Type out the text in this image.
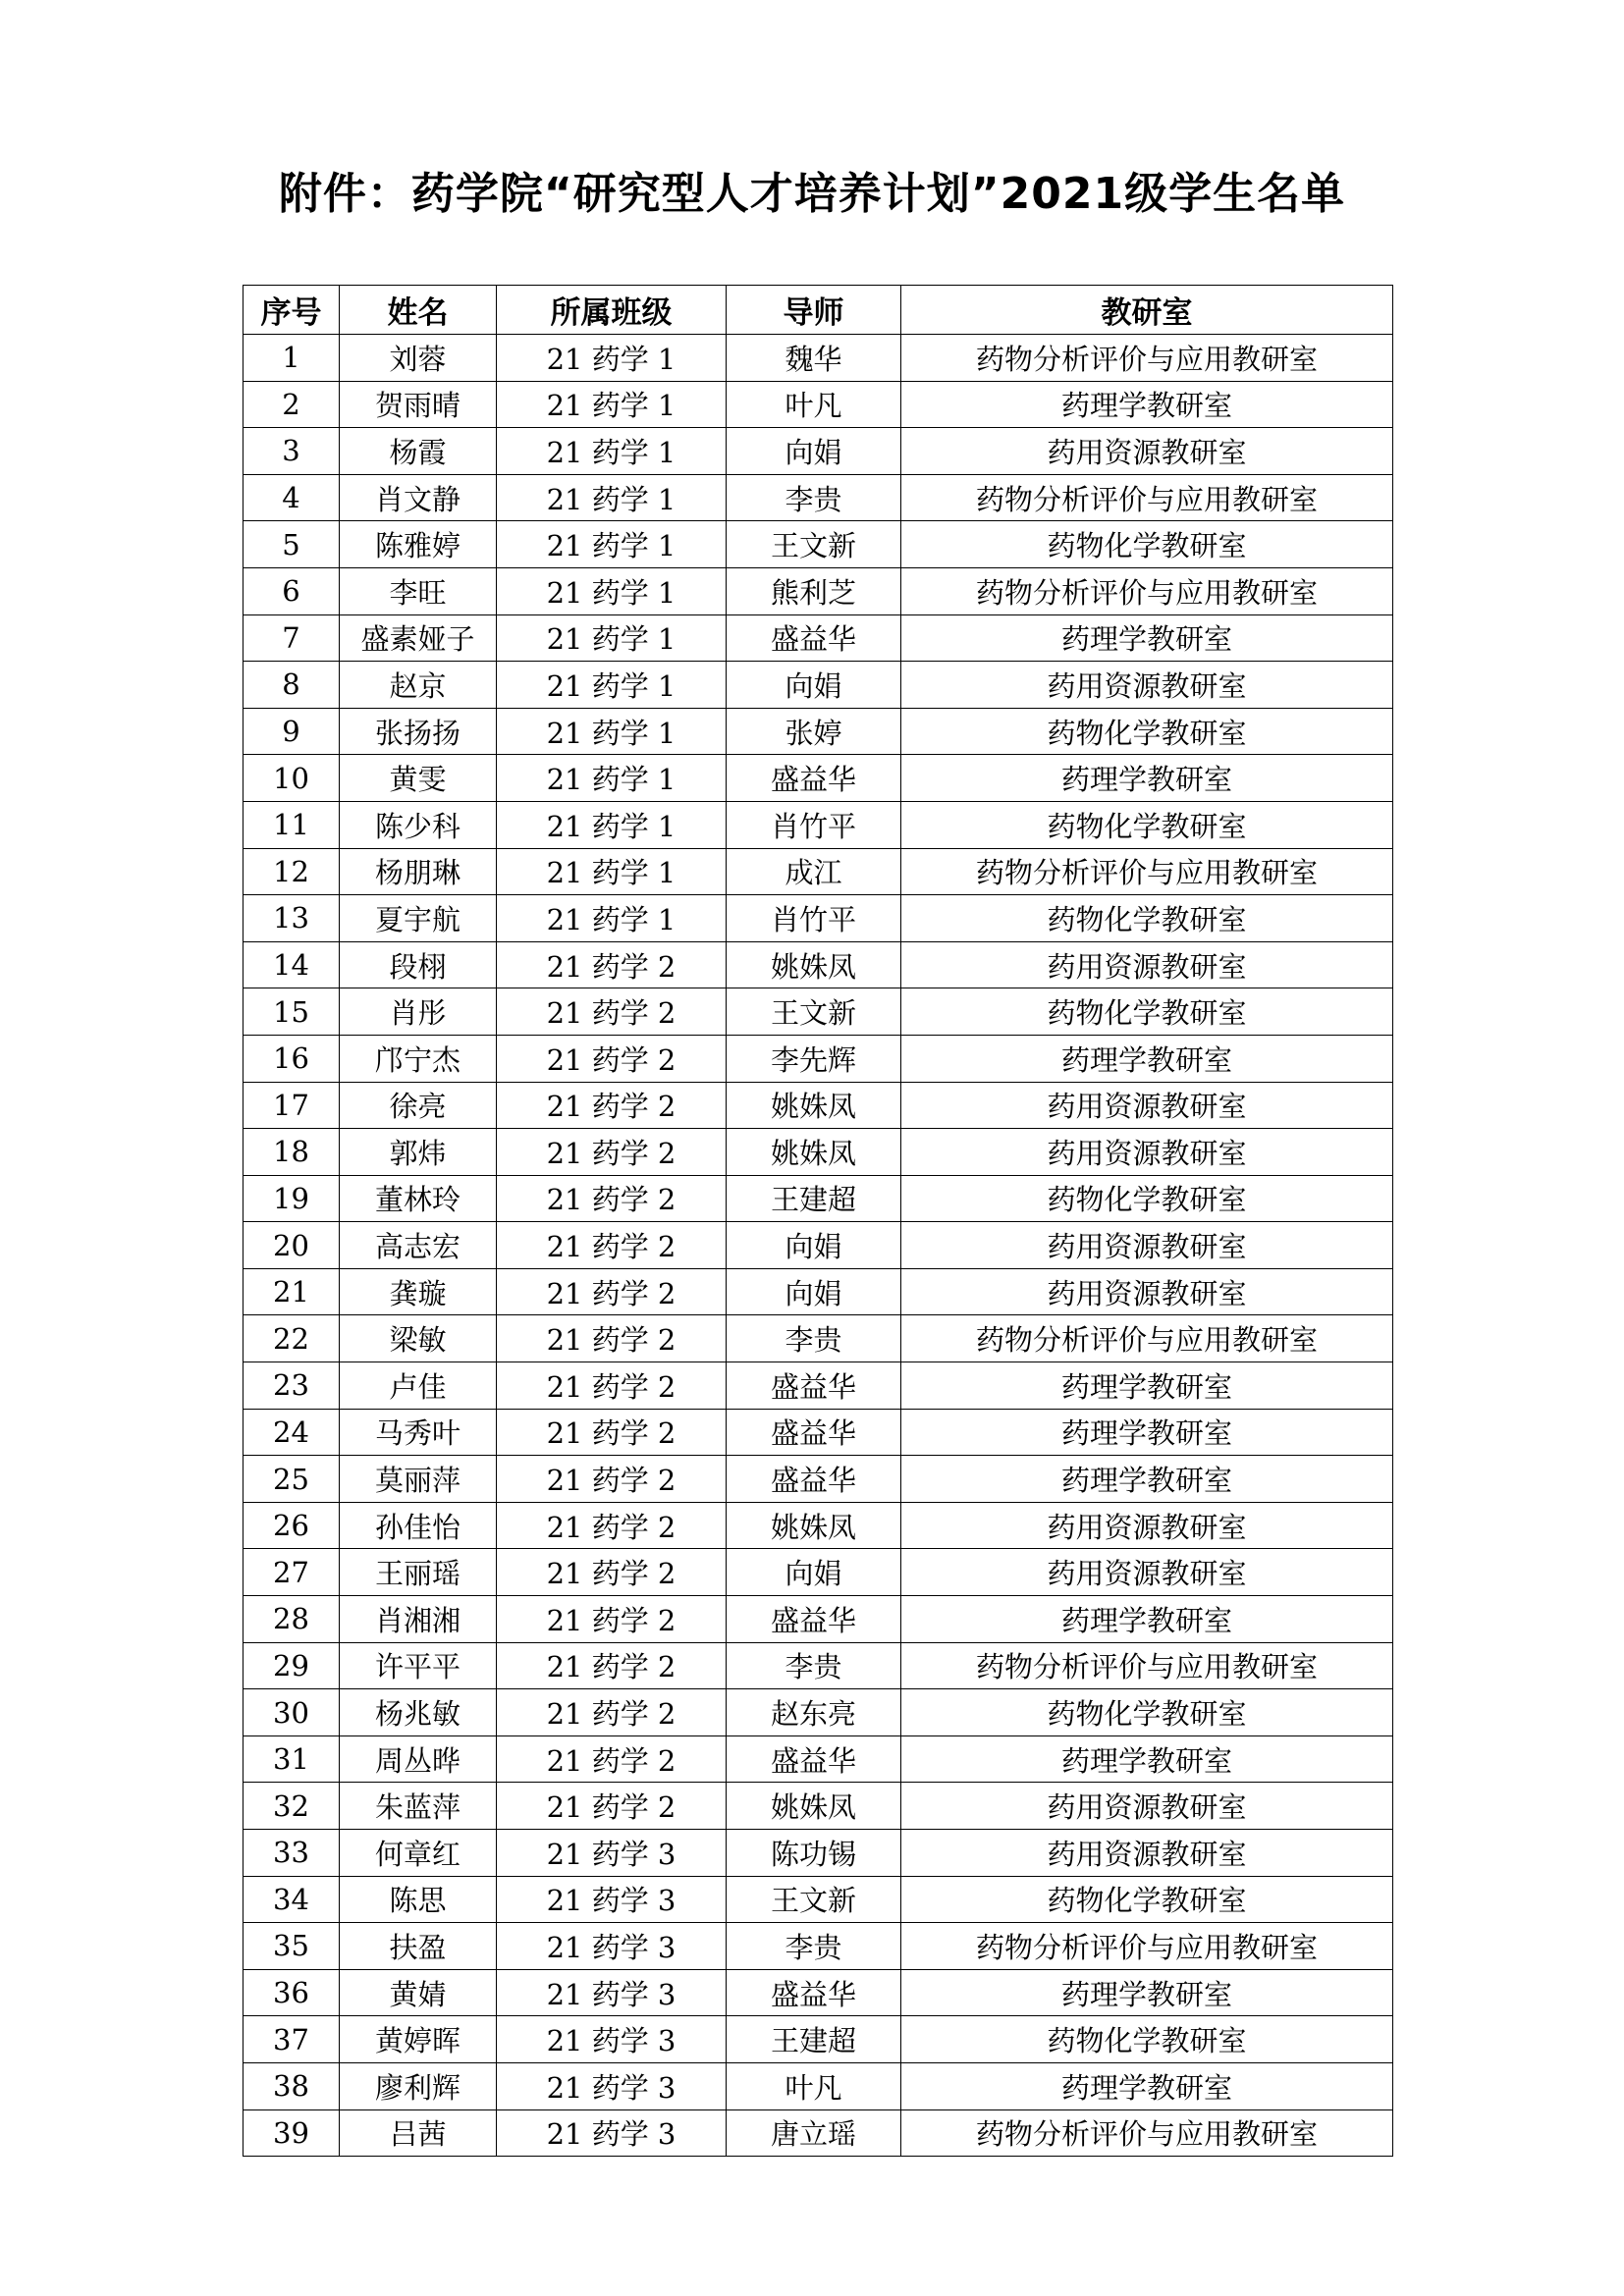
附件：药学院“研究型人才培养计划”2021级学生名单
序号	姓名	所属班级	导师	教研室
1	刘蓉	21 药学 1	魏华	药物分析评价与应用教研室
2	贺雨晴	21 药学 1	叶凡	药理学教研室
3	杨霞	21 药学 1	向娟	药用资源教研室
4	肖文静	21 药学 1	李贵	药物分析评价与应用教研室
5	陈雅婷	21 药学 1	王文新	药物化学教研室
6	李旺	21 药学 1	熊利芝	药物分析评价与应用教研室
7	盛素娅子	21 药学 1	盛益华	药理学教研室
8	赵京	21 药学 1	向娟	药用资源教研室
9	张扬扬	21 药学 1	张婷	药物化学教研室
10	黄雯	21 药学 1	盛益华	药理学教研室
11	陈少科	21 药学 1	肖竹平	药物化学教研室
12	杨朋琳	21 药学 1	成江	药物分析评价与应用教研室
13	夏宇航	21 药学 1	肖竹平	药物化学教研室
14	段栩	21 药学 2	姚姝凤	药用资源教研室
15	肖彤	21 药学 2	王文新	药物化学教研室
16	邝宁杰	21 药学 2	李先辉	药理学教研室
17	徐亮	21 药学 2	姚姝凤	药用资源教研室
18	郭炜	21 药学 2	姚姝凤	药用资源教研室
19	董林玲	21 药学 2	王建超	药物化学教研室
20	高志宏	21 药学 2	向娟	药用资源教研室
21	龚璇	21 药学 2	向娟	药用资源教研室
22	梁敏	21 药学 2	李贵	药物分析评价与应用教研室
23	卢佳	21 药学 2	盛益华	药理学教研室
24	马秀叶	21 药学 2	盛益华	药理学教研室
25	莫丽萍	21 药学 2	盛益华	药理学教研室
26	孙佳怡	21 药学 2	姚姝凤	药用资源教研室
27	王丽瑶	21 药学 2	向娟	药用资源教研室
28	肖湘湘	21 药学 2	盛益华	药理学教研室
29	许平平	21 药学 2	李贵	药物分析评价与应用教研室
30	杨兆敏	21 药学 2	赵东亮	药物化学教研室
31	周丛晔	21 药学 2	盛益华	药理学教研室
32	朱蓝萍	21 药学 2	姚姝凤	药用资源教研室
33	何章红	21 药学 3	陈功锡	药用资源教研室
34	陈思	21 药学 3	王文新	药物化学教研室
35	扶盈	21 药学 3	李贵	药物分析评价与应用教研室
36	黄婧	21 药学 3	盛益华	药理学教研室
37	黄婷晖	21 药学 3	王建超	药物化学教研室
38	廖利辉	21 药学 3	叶凡	药理学教研室
39	吕茜	21 药学 3	唐立瑶	药物分析评价与应用教研室
